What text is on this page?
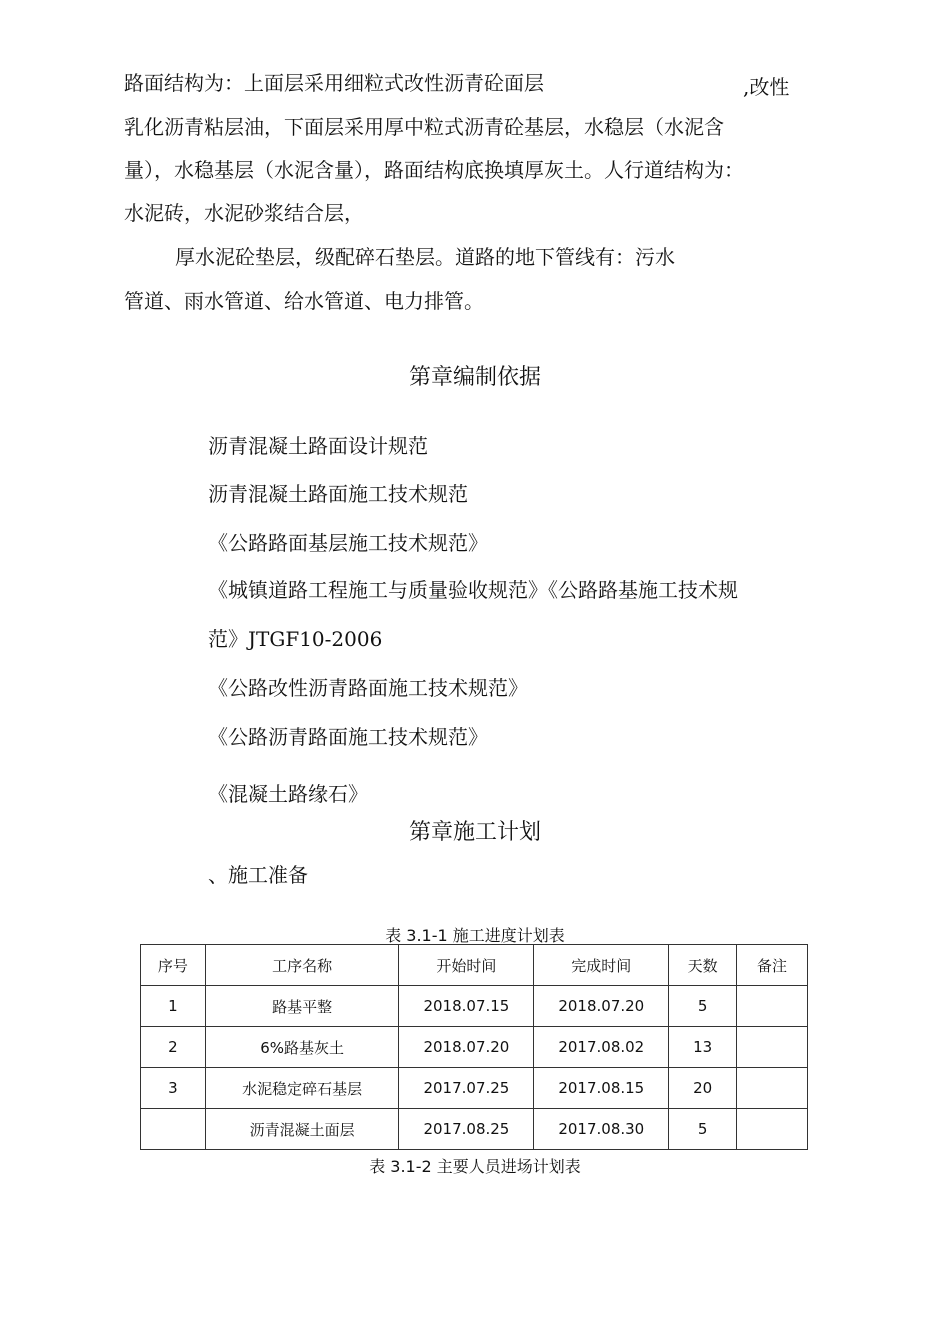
路面结构为：上面层采用细粒式改性沥青砼面层	,改性
乳化沥青粘层油，下面层采用厚中粒式沥青砼基层，水稳层（水泥含
量），水稳基层（水泥含量），路面结构底换填厚灰土。人行道结构为：
水泥砖，水泥砂浆结合层，
厚水泥砼垫层，级配碎石垫层。道路的地下管线有：污水
管道、雨水管道、给水管道、电力排管。
第章编制依据
沥青混凝土路面设计规范
沥青混凝土路面施工技术规范
《公路路面基层施工技术规范》
《城镇道路工程施工与质量验收规范》《公路路基施工技术规
范》JTGF10-2006
《公路改性沥青路面施工技术规范》
《公路沥青路面施工技术规范》
《混凝土路缘石》
第章施工计划
、施工准备
表 3.1-1 施工进度计划表
序号	工序名称	开始时间	完成时间	天数	备注
1	路基平整	2018.07.15	2018.07.20	5	
2	6%路基灰土	2018.07.20	2017.08.02	13	
3	水泥稳定碎石基层	2017.07.25	2017.08.15	20	
	沥青混凝土面层	2017.08.25	2017.08.30	5	
表 3.1-2 主要人员进场计划表
